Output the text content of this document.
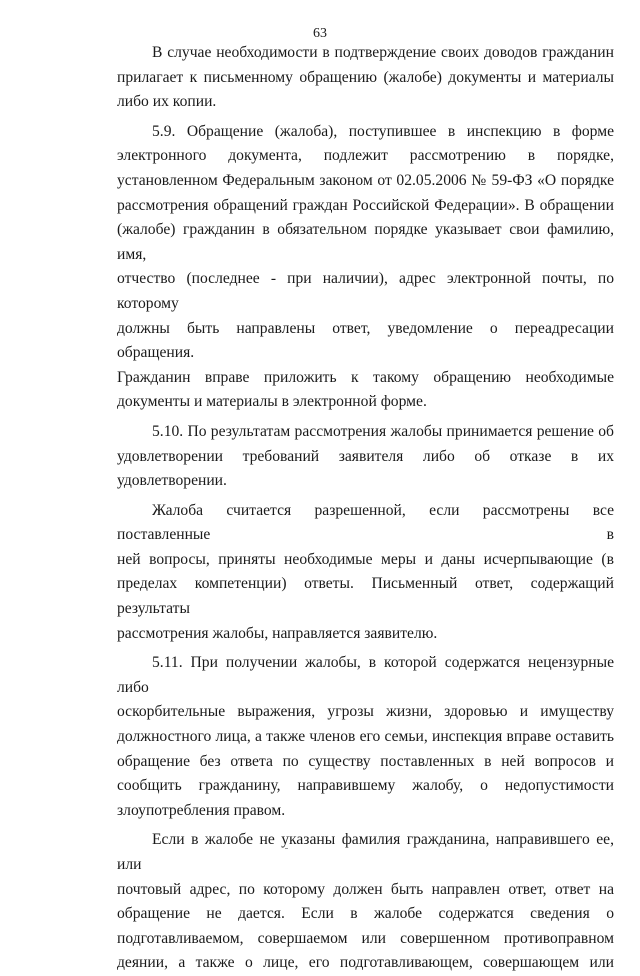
63

В случае необходимости в подтверждение своих доводов гражданин

прилагает к письменному обращению (жалобе) документы и материалы

либо их копии.

5.9. Обращение (жалоба), поступившее в инспекцию в форме

электронного документа, подлежит рассмотрению в порядке,

установленном Федеральным законом от 02.05.2006 № 59-ФЗ «О порядке

рассмотрения обращений граждан Российской Федерации». В обращении

(жалобе) гражданин в обязательном порядке указывает свои фамилию, имя,

отчество (последнее - при наличии), адрес электронной почты, по которому

должны быть направлены ответ, уведомление о переадресации обращения.

Гражданин вправе приложить к такому обращению необходимые

документы и материалы в электронной форме.

5.10. По результатам рассмотрения жалобы принимается решение об

удовлетворении требований заявителя либо об отказе в их удовлетворении.

Жалоба считается разрешенной, если рассмотрены все поставленные в

ней вопросы, приняты необходимые меры и даны исчерпывающие (в

пределах компетенции) ответы. Письменный ответ, содержащий результаты

рассмотрения жалобы, направляется заявителю.

5.11. При получении жалобы, в которой содержатся нецензурные либо

оскорбительные выражения, угрозы жизни, здоровью и имуществу

должностного лица, а также членов его семьи, инспекция вправе оставить

обращение без ответа по существу поставленных в ней вопросов и

сообщить гражданину, направившему жалобу, о недопустимости

злоупотребления правом.

Если в жалобе не указаны фамилия гражданина, направившего ее, или

почтовый адрес, по которому должен быть направлен ответ, ответ на

обращение не дается. Если в жалобе содержатся сведения о

подготавливаемом, совершаемом или совершенном противоправном

деянии, а также о лице, его подготавливающем, совершающем или
